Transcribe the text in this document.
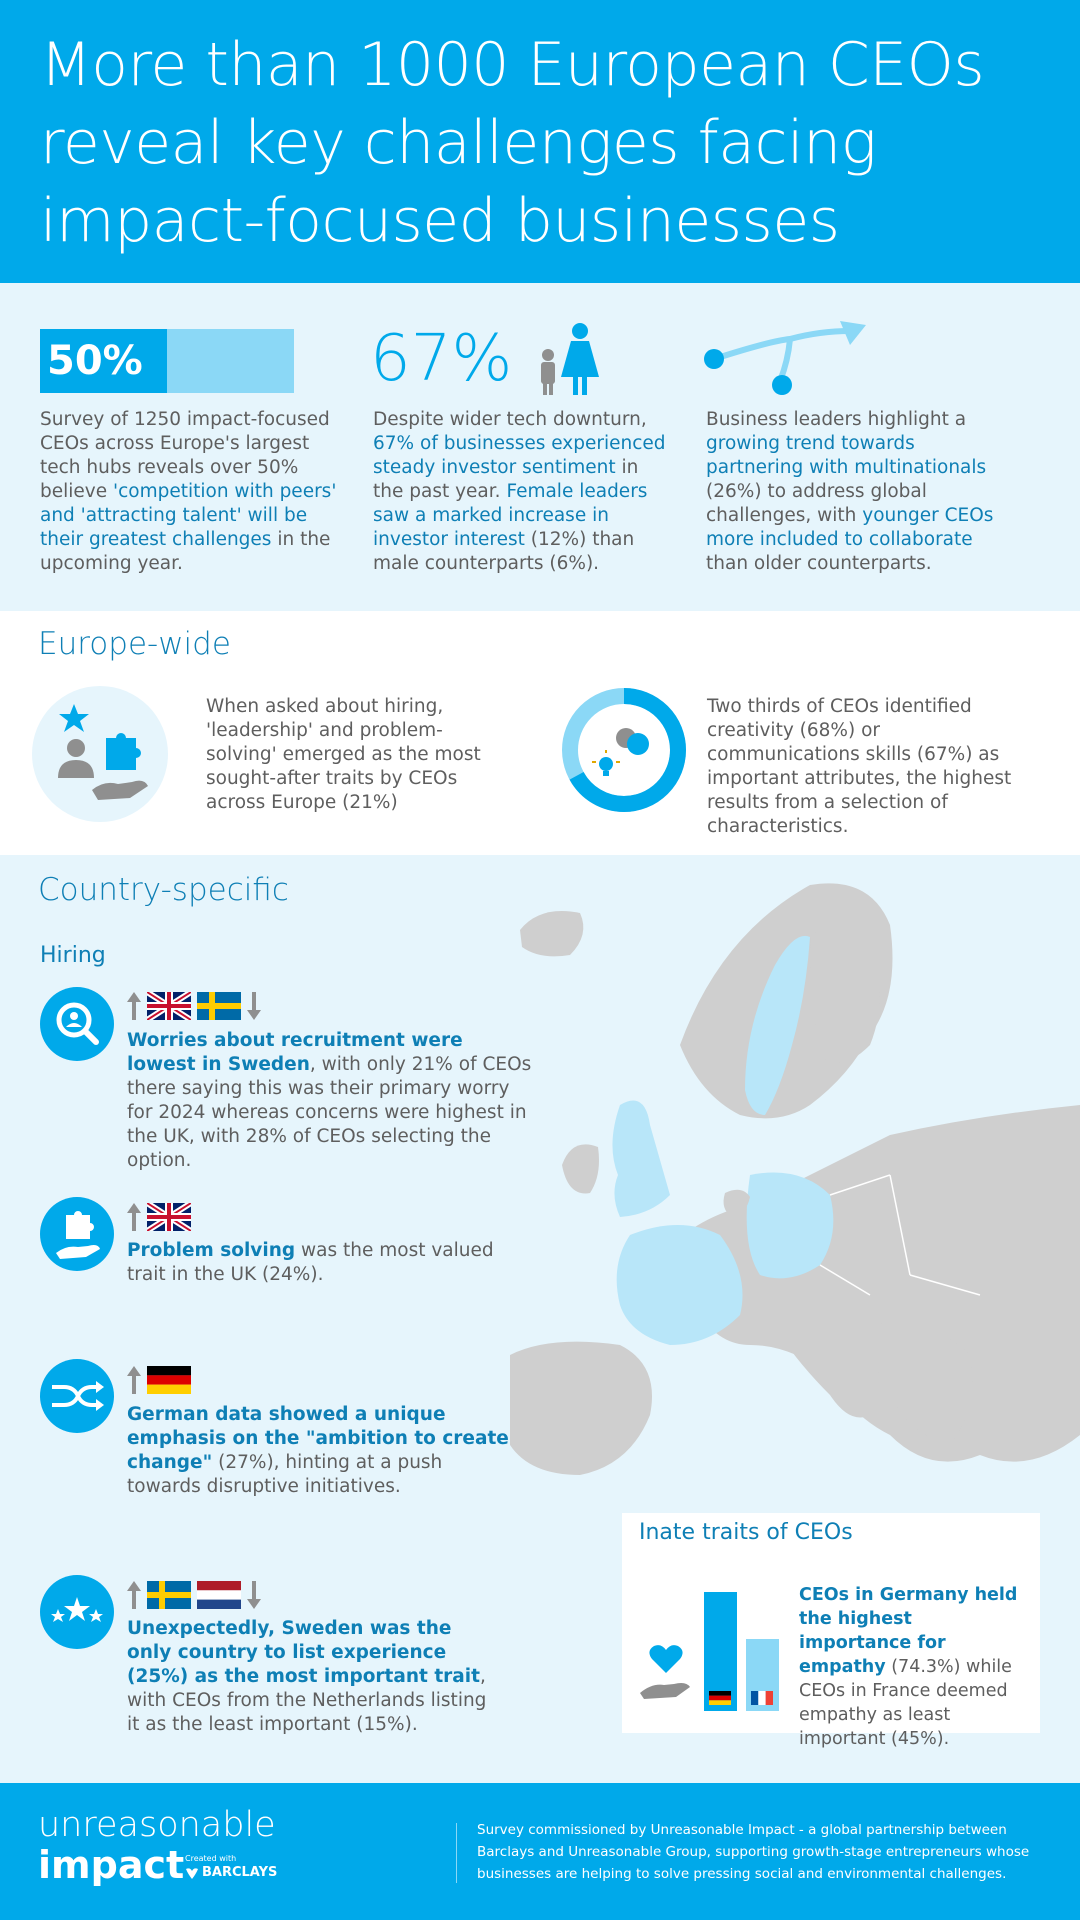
More than 1000 European CEOs reveal key challenges facing impact-focused businesses
50%
Survey of 1250 impact-focused CEOs across Europe's largest tech hubs reveals over 50% believe 'competition with peers' and 'attracting talent' will be their greatest challenges in the upcoming year.
67%
Despite wider tech downturn, 67% of businesses experienced steady investor sentiment in the past year. Female leaders saw a marked increase in investor interest (12%) than male counterparts (6%).
Business leaders highlight a growing trend towards partnering with multinationals (26%) to address global challenges, with younger CEOs more included to collaborate than older counterparts.
Europe-wide
When asked about hiring, 'leadership' and problem-solving' emerged as the most sought-after traits by CEOs across Europe (21%)
Two thirds of CEOs identified creativity (68%) or communications skills (67%) as important attributes, the highest results from a selection of characteristics.
Country-specific
Hiring
Worries about recruitment were lowest in Sweden, with only 21% of CEOs there saying this was their primary worry for 2024 whereas concerns were highest in the UK, with 28% of CEOs selecting the option.
Problem solving was the most valued trait in the UK (24%).
German data showed a unique emphasis on the "ambition to create change" (27%), hinting at a push towards disruptive initiatives.
Unexpectedly, Sweden was the only country to list experience (25%) as the most important trait, with CEOs from the Netherlands listing it as the least important (15%).
Inate traits of CEOs
CEOs in Germany held the highest importance for empathy (74.3%) while CEOs in France deemed empathy as least important (45%).
unreasonable
impact Created with
BARCLAYS
Survey commissioned by Unreasonable Impact - a global partnership between Barclays and Unreasonable Group, supporting growth-stage entrepreneurs whose businesses are helping to solve pressing social and environmental challenges.
